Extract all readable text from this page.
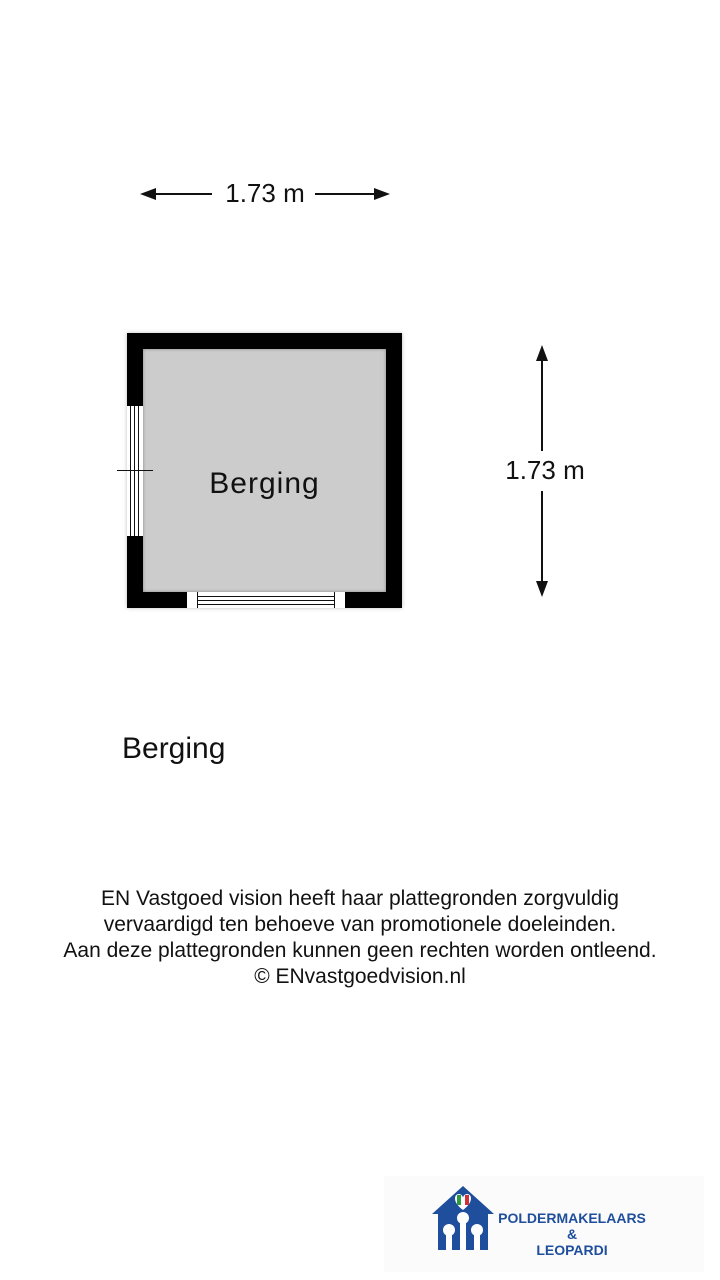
1.73 m
1.73 m
Berging
Berging
EN Vastgoed vision heeft haar plattegronden zorgvuldig
vervaardigd ten behoeve van promotionele doeleinden.
Aan deze plattegronden kunnen geen rechten worden ontleend.
© ENvastgoedvision.nl
POLDERMAKELAARS
&
LEOPARDI
